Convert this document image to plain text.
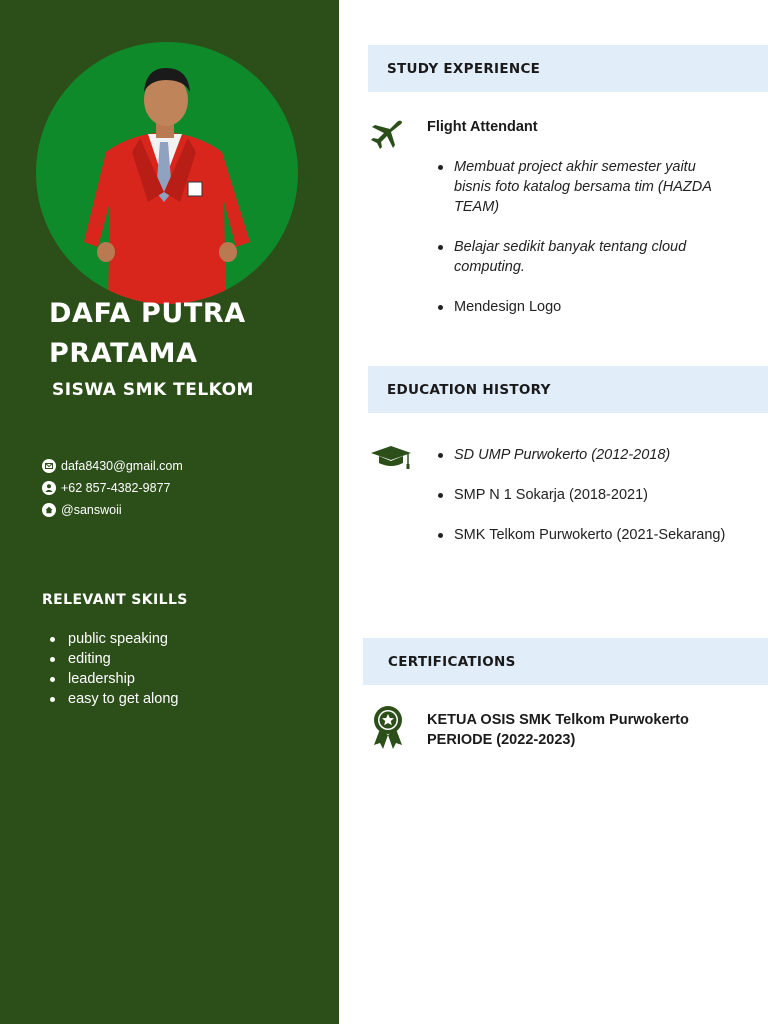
DAFA PUTRA PRATAMA
SISWA SMK TELKOM
dafa8430@gmail.com
+62 857-4382-9877
@sanswoii
RELEVANT SKILLS
public speaking
editing
leadership
easy to get along
STUDY EXPERIENCE
Flight Attendant
Membuat project akhir semester yaitu bisnis foto katalog bersama tim (HAZDA TEAM)
Belajar sedikit banyak tentang cloud computing.
Mendesign Logo
EDUCATION HISTORY
SD UMP Purwokerto (2012-2018)
SMP N 1 Sokarja (2018-2021)
SMK Telkom Purwokerto (2021-Sekarang)
CERTIFICATIONS
KETUA OSIS SMK Telkom Purwokerto PERIODE (2022-2023)
